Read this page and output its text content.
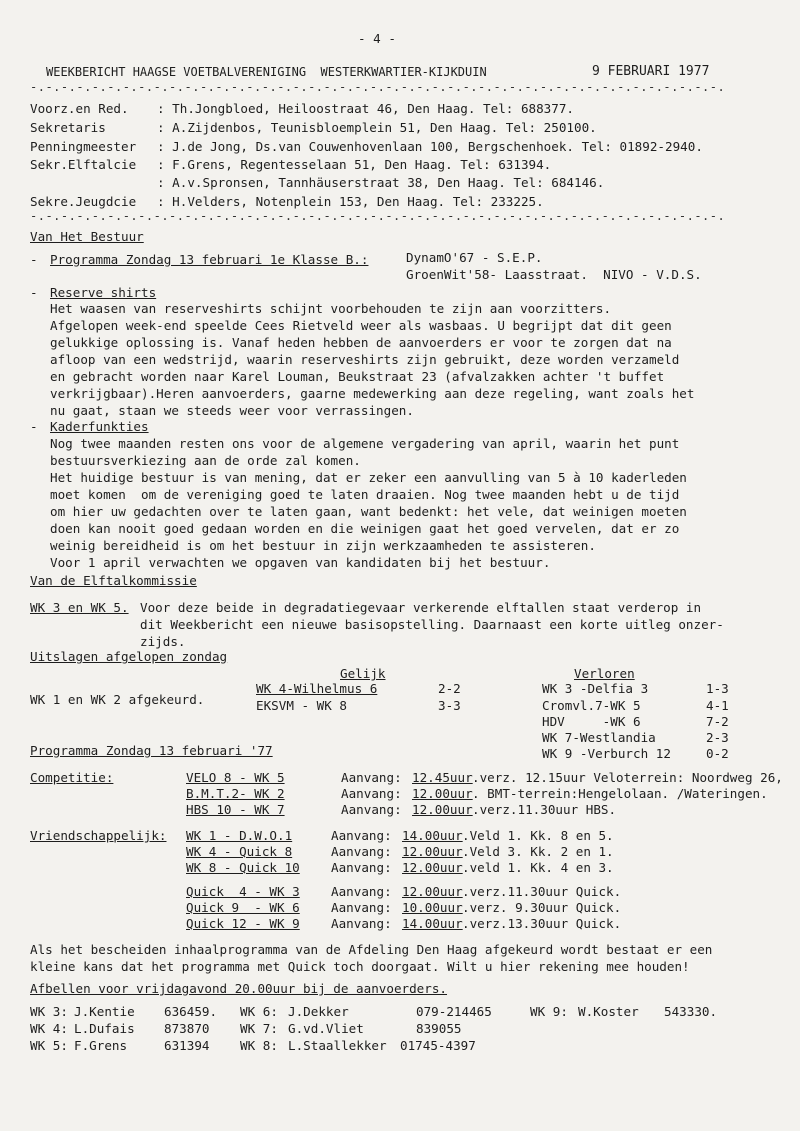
- 4 -
WEEKBERICHT HAAGSE VOETBALVERENIGING  WESTERKWARTIER-KIJKDUIN	9 FEBRUARI 1977
-.-.-.-.-.-.-.-.-.-.-.-.-.-.-.-.-.-.-.-.-.-.-.-.-.-.-.-.-.-.-.-.-.-.-.-.-.-.-.-.-.-.-.-.-.
Voorz.en Red. : Th.Jongbloed, Heiloostraat 46, Den Haag. Tel: 688377.
Sekretaris	: A.Zijdenbos, Teunisbloemplein 51, Den Haag. Tel: 250100.
Penningmeester : J.de Jong, Ds.van Couwenhovenlaan 100, Bergschenhoek. Tel: 01892-2940.
Sekr.Elftalcie : F.Grens, Regentesselaan 51, Den Haag. Tel: 631394.
: A.v.Spronsen, Tannhäuserstraat 38, Den Haag. Tel: 684146.
Sekre.Jeugdcie : H.Velders, Notenplein 153, Den Haag. Tel: 233225.
-.-.-.-.-.-.-.-.-.-.-.-.-.-.-.-.-.-.-.-.-.-.-.-.-.-.-.-.-.-.-.-.-.-.-.-.-.-.-.-.-.-.-.-.-.
Van Het Bestuur
- Programma Zondag 13 februari 1e Klasse B.:	DynamO'67 - S.E.P.
GroenWit'58- Laasstraat.  NIVO - V.D.S.
- Reserve shirts
Het waasen van reserveshirts schijnt voorbehouden te zijn aan voorzitters.
Afgelopen week-end speelde Cees Rietveld weer als wasbaas. U begrijpt dat dit geen
gelukkige oplossing is. Vanaf heden hebben de aanvoerders er voor te zorgen dat na
afloop van een wedstrijd, waarin reserveshirts zijn gebruikt, deze worden verzameld
en gebracht worden naar Karel Louman, Beukstraat 23 (afvalzakken achter 't buffet
verkrijgbaar).Heren aanvoerders, gaarne medewerking aan deze regeling, want zoals het
nu gaat, staan we steeds weer voor verrassingen.
- Kaderfunkties
Nog twee maanden resten ons voor de algemene vergadering van april, waarin het punt
bestuursverkiezing aan de orde zal komen.
Het huidige bestuur is van mening, dat er zeker een aanvulling van 5 à 10 kaderleden
moet komen  om de vereniging goed te laten draaien. Nog twee maanden hebt u de tijd
om hier uw gedachten over te laten gaan, want bedenkt: het vele, dat weinigen moeten
doen kan nooit goed gedaan worden en die weinigen gaat het goed vervelen, dat er zo
weinig bereidheid is om het bestuur in zijn werkzaamheden te assisteren.
Voor 1 april verwachten we opgaven van kandidaten bij het bestuur.
Van de Elftalkommissie
WK 3 en WK 5. Voor deze beide in degradatiegevaar verkerende elftallen staat verderop in
dit Weekbericht een nieuwe basisopstelling. Daarnaast een korte uitleg onzer-
zijds.
Uitslagen afgelopen zondag
Gelijk	Verloren
WK 1 en WK 2 afgekeurd.
WK 4-Wilhelmus 6	2-2
EKSVM - WK 8	3-3
WK 3 -Delfia 3	1-3
Cromvl.7-WK 5	4-1
HDV     -WK 6	7-2
WK 7-Westlandia	2-3
WK 9 -Verburch 12	0-2
Programma Zondag 13 februari '77
Competitie:	VELO 8 - WK 5	Aanvang: 12.45uur .verz. 12.15uur Veloterrein: Noordweg 26,
B.M.T.2- WK 2	Aanvang: 12.00uur . BMT-terrein:Hengelolaan. /Wateringen.
HBS 10 - WK 7	Aanvang: 12.00uur .verz.11.30uur HBS.
Vriendschappelijk: WK 1 - D.W.O.1	Aanvang: 14.00uur .Veld 1. Kk. 8 en 5.
WK 4 - Quick 8	Aanvang: 12.00uur .Veld 3. Kk. 2 en 1.
WK 8 - Quick 10 Aanvang: 12.00uur .veld 1. Kk. 4 en 3.
Quick  4 - WK 3 Aanvang: 12.00uur .verz.11.30uur Quick.
Quick 9  - WK 6 Aanvang: 10.00uur .verz. 9.30uur Quick.
Quick 12 - WK 9 Aanvang: 14.00uur .verz.13.30uur Quick.
Als het bescheiden inhaalprogramma van de Afdeling Den Haag afgekeurd wordt bestaat er een
kleine kans dat het programma met Quick toch doorgaat. Wilt u hier rekening mee houden!
Afbellen voor vrijdagavond 20.00uur bij de aanvoerders.
WK 3: J.Kentie 636459.
WK 4: L.Dufais 873870
WK 5: F.Grens	631394
WK 6: J.Dekker	079-214465
WK 7: G.vd.Vliet	839055
WK 8: L.Staallekker 01745-4397
WK 9: W.Koster 543330.
